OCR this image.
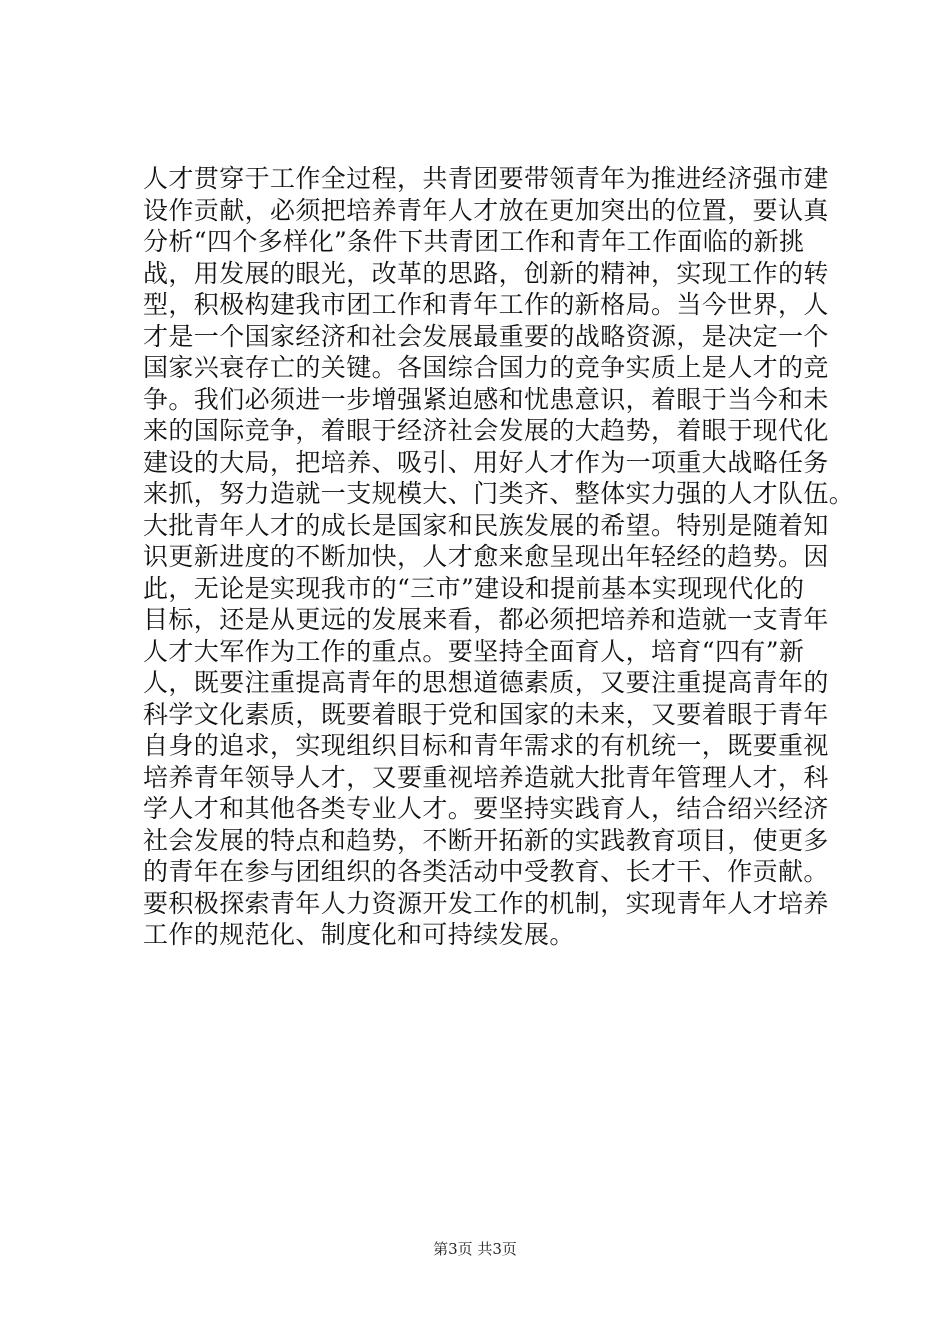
人才贯穿于工作全过程，共青团要带领青年为推进经济强市建
设作贡献，必须把培养青年人才放在更加突出的位置，要认真
分析“四个多样化”条件下共青团工作和青年工作面临的新挑
战，用发展的眼光，改革的思路，创新的精神，实现工作的转
型，积极构建我市团工作和青年工作的新格局。当今世界，人
才是一个国家经济和社会发展最重要的战略资源，是决定一个
国家兴衰存亡的关键。各国综合国力的竞争实质上是人才的竞
争。我们必须进一步增强紧迫感和忧患意识，着眼于当今和未
来的国际竞争，着眼于经济社会发展的大趋势，着眼于现代化
建设的大局，把培养、吸引、用好人才作为一项重大战略任务
来抓，努力造就一支规模大、门类齐、整体实力强的人才队伍。
大批青年人才的成长是国家和民族发展的希望。特别是随着知
识更新进度的不断加快，人才愈来愈呈现出年轻经的趋势。因
此，无论是实现我市的“三市”建设和提前基本实现现代化的
目标，还是从更远的发展来看，都必须把培养和造就一支青年
人才大军作为工作的重点。要坚持全面育人，培育“四有”新
人，既要注重提高青年的思想道德素质，又要注重提高青年的
科学文化素质，既要着眼于党和国家的未来，又要着眼于青年
自身的追求，实现组织目标和青年需求的有机统一，既要重视
培养青年领导人才，又要重视培养造就大批青年管理人才，科
学人才和其他各类专业人才。要坚持实践育人，结合绍兴经济
社会发展的特点和趋势，不断开拓新的实践教育项目，使更多
的青年在参与团组织的各类活动中受教育、长才干、作贡献。
要积极探索青年人力资源开发工作的机制，实现青年人才培养
工作的规范化、制度化和可持续发展。
第3页 共3页
